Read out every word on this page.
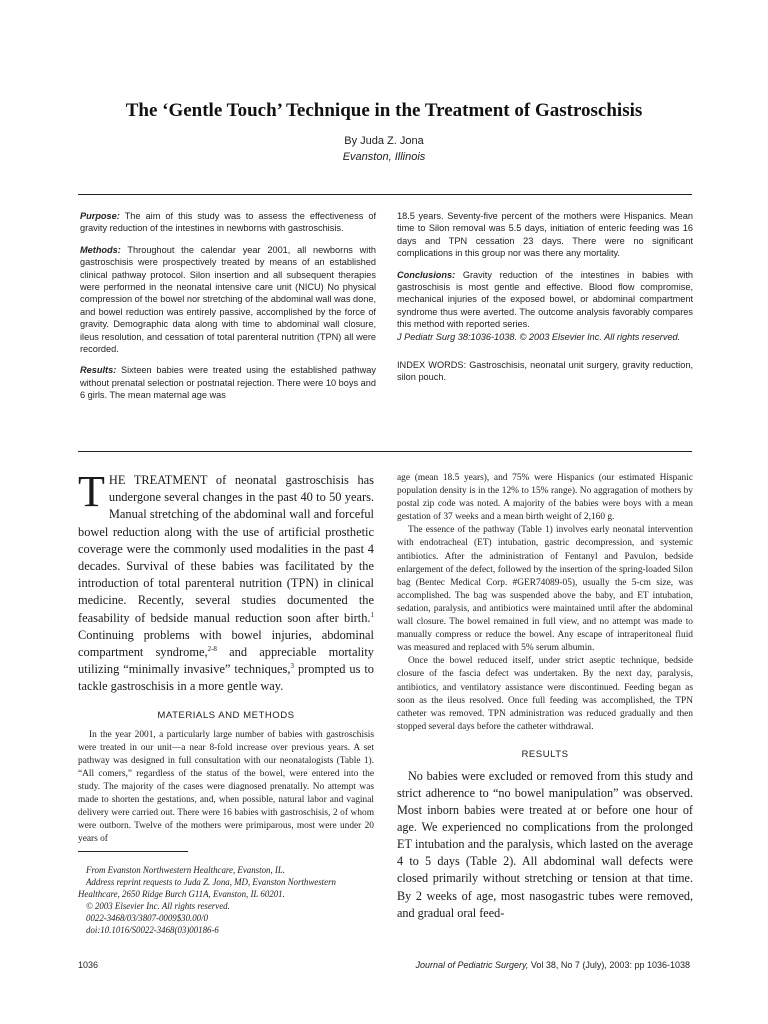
The ‘Gentle Touch’ Technique in the Treatment of Gastroschisis
By Juda Z. Jona
Evanston, Illinois

Purpose: The aim of this study was to assess the effectiveness of gravity reduction of the intestines in newborns with gastroschisis.

Methods: Throughout the calendar year 2001, all newborns with gastroschisis were prospectively treated by means of an established clinical pathway protocol. Silon insertion and all subsequent therapies were performed in the neonatal intensive care unit (NICU) No physical compression of the bowel nor stretching of the abdominal wall was done, and bowel reduction was entirely passive, accomplished by the force of gravity. Demographic data along with time to abdominal wall closure, ileus resolution, and cessation of total parenteral nutrition (TPN) all were recorded.

Results: Sixteen babies were treated using the established pathway without prenatal selection or postnatal rejection. There were 10 boys and 6 girls. The mean maternal age was

18.5 years. Seventy-five percent of the mothers were Hispanics. Mean time to Silon removal was 5.5 days, initiation of enteric feeding was 16 days and TPN cessation 23 days. There were no significant complications in this group nor was there any mortality.

Conclusions: Gravity reduction of the intestines in babies with gastroschisis is most gentle and effective. Blood flow compromise, mechanical injuries of the exposed bowel, or abdominal compartment syndrome thus were averted. The outcome analysis favorably compares this method with reported series.

J Pediatr Surg 38:1036-1038. © 2003 Elsevier Inc. All rights reserved.

INDEX WORDS: Gastroschisis, neonatal unit surgery, gravity reduction, silon pouch.

THE TREATMENT of neonatal gastroschisis has undergone several changes in the past 40 to 50 years. Manual stretching of the abdominal wall and forceful bowel reduction along with the use of artificial prosthetic coverage were the commonly used modalities in the past 4 decades. Survival of these babies was facilitated by the introduction of total parenteral nutrition (TPN) in clinical medicine. Recently, several studies documented the feasability of bedside manual reduction soon after birth.$^1$ Continuing problems with bowel injuries, abdominal compartment syndrome,$^{2-8}$ and appreciable mortality utilizing “minimally invasive” techniques,$^3$ prompted us to tackle gastroschisis in a more gentle way.

MATERIALS AND METHODS

In the year 2001, a particularly large number of babies with gastroschisis were treated in our unit—a near 8-fold increase over previous years. A set pathway was designed in full consultation with our neonatalogists (Table 1). “All comers,” regardless of the status of the bowel, were entered into the study. The majority of the cases were diagnosed prenatally. No attempt was made to shorten the gestations, and, when possible, natural labor and vaginal delivery were carried out. There were 16 babies with gastroschisis, 2 of whom were outborn. Twelve of the mothers were primiparous, most were under 20 years of

age (mean 18.5 years), and 75% were Hispanics (our estimated Hispanic population density is in the 12% to 15% range). No aggragation of mothers by postal zip code was noted. A majority of the babies were boys with a mean gestation of 37 weeks and a mean birth weight of 2,160 g.

The essence of the pathway (Table 1) involves early neonatal intervention with endotracheal (ET) intubation, gastric decompression, and systemic antibiotics. After the administration of Fentanyl and Pavulon, bedside enlargement of the defect, followed by the insertion of the spring-loaded Silon bag (Bentec Medical Corp. #GER74089-05), usually the 5-cm size, was accomplished. The bag was suspended above the baby, and ET intubation, sedation, paralysis, and antibiotics were maintained until after the abdominal wall closure. The bowel remained in full view, and no attempt was made to manually compress or reduce the bowel. Any escape of intraperitoneal fluid was measured and replaced with 5% serum albumin.

Once the bowel reduced itself, under strict aseptic technique, bedside closure of the fascia defect was undertaken. By the next day, paralysis, antibiotics, and ventilatory assistance were discontinued. Feeding began as soon as the ileus resolved. Once full feeding was accomplished, the TPN catheter was removed. TPN administration was reduced gradually and then stopped several days before the catheter withdrawal.

RESULTS

No babies were excluded or removed from this study and strict adherence to “no bowel manipulation” was observed. Most inborn babies were treated at or before one hour of age. We experienced no complications from the prolonged ET intubation and the paralysis, which lasted on the average 4 to 5 days (Table 2). All abdominal wall defects were closed primarily without stretching or tension at that time. By 2 weeks of age, most nasogastric tubes were removed, and gradual oral feed-

From Evanston Northwestern Healthcare, Evanston, IL.
Address reprint requests to Juda Z. Jona, MD, Evanston Northwestern Healthcare, 2650 Ridge Burch G11A, Evanston, IL 60201.
© 2003 Elsevier Inc. All rights reserved.
0022-3468/03/3807-0009$30.00/0
doi:10.1016/S0022-3468(03)00186-6
1036	Journal of Pediatric Surgery, Vol 38, No 7 (July), 2003: pp 1036-1038
